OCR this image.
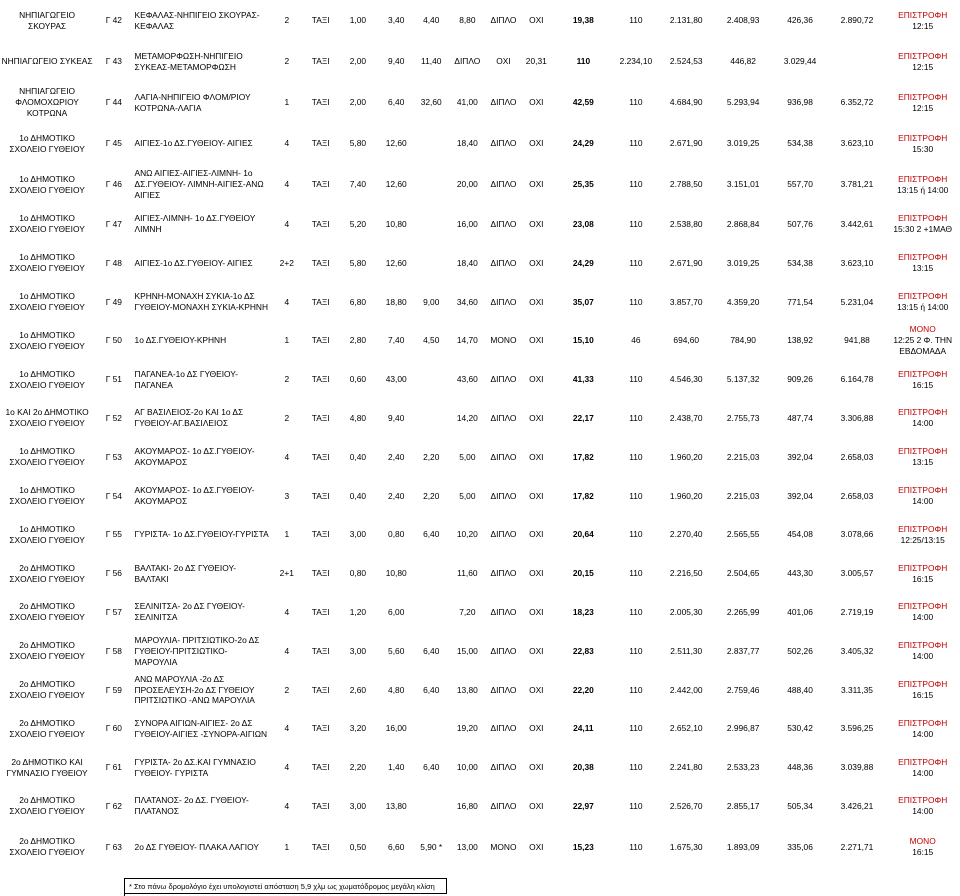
ΝΗΠΙΑΓΩΓΕΙΟ ΣΚΟΥΡΑΣ	Γ 42	ΚΕΦΑΛΑΣ-ΝΗΠΙΓΕΙΟ ΣΚΟΥΡΑΣ-ΚΕΦΑΛΑΣ	2	ΤΑΞΙ	1,00	3,40	4,40	8,80	ΔΙΠΛΟ	ΟΧΙ	19,38	110	2.131,80	2.408,93	426,36	2.890,72	ΕΠΙΣΤΡΟΦΗ
12:15
ΝΗΠΙΑΓΩΓΕΙΟ ΣΥΚΕΑΣ	Γ 43	ΜΕΤΑΜΟΡΦΩΣΗ-ΝΗΠΙΓΕΙΟ ΣΥΚΕΑΣ-ΜΕΤΑΜΟΡΦΩΣΗ	2	ΤΑΞΙ	2,00	9,40	11,40	ΔΙΠΛΟ	ΟΧΙ	20,31	110	2.234,10	2.524,53	446,82	3.029,44		ΕΠΙΣΤΡΟΦΗ
12:15
ΝΗΠΙΑΓΩΓΕΙΟ ΦΛΟΜΟΧΩΡΙΟΥ ΚΟΤΡΩΝΑ	Γ 44	ΛΑΓΙΑ-ΝΗΠΙΓΕΙΟ ΦΛΟΜ/ΡΙΟΥ ΚΟΤΡΩΝΑ-ΛΑΓΙΑ	1	ΤΑΞΙ	2,00	6,40	32,60	41,00	ΔΙΠΛΟ	ΟΧΙ	42,59	110	4.684,90	5.293,94	936,98	6.352,72	ΕΠΙΣΤΡΟΦΗ
12:15
1ο ΔΗΜΟΤΙΚΟ ΣΧΟΛΕΙΟ ΓΥΘΕΙΟΥ	Γ 45	ΑΙΓΙΕΣ-1ο ΔΣ.ΓΥΘΕΙΟΥ- ΑΙΓΙΕΣ	4	ΤΑΞΙ	5,80	12,60		18,40	ΔΙΠΛΟ	ΟΧΙ	24,29	110	2.671,90	3.019,25	534,38	3.623,10	ΕΠΙΣΤΡΟΦΗ
15:30
1ο ΔΗΜΟΤΙΚΟ ΣΧΟΛΕΙΟ ΓΥΘΕΙΟΥ	Γ 46	ΑΝΩ ΑΙΓΙΕΣ-ΑΙΓΙΕΣ-ΛΙΜΝΗ- 1ο ΔΣ.ΓΥΘΕΙΟΥ- ΛΙΜΝΗ-ΑΙΓΙΕΣ-ΑΝΩ ΑΙΓΙΕΣ	4	ΤΑΞΙ	7,40	12,60		20,00	ΔΙΠΛΟ	ΟΧΙ	25,35	110	2.788,50	3.151,01	557,70	3.781,21	ΕΠΙΣΤΡΟΦΗ
13:15 ή 14:00
1ο ΔΗΜΟΤΙΚΟ ΣΧΟΛΕΙΟ ΓΥΘΕΙΟΥ	Γ 47	ΑΙΓΙΕΣ-ΛΙΜΝΗ- 1ο ΔΣ.ΓΥΘΕΙΟΥ ΛΙΜΝΗ	4	ΤΑΞΙ	5,20	10,80		16,00	ΔΙΠΛΟ	ΟΧΙ	23,08	110	2.538,80	2.868,84	507,76	3.442,61	ΕΠΙΣΤΡΟΦΗ
15:30 2 +1ΜΑΘ
1ο ΔΗΜΟΤΙΚΟ ΣΧΟΛΕΙΟ ΓΥΘΕΙΟΥ	Γ 48	ΑΙΓΙΕΣ-1ο ΔΣ.ΓΥΘΕΙΟΥ- ΑΙΓΙΕΣ	2+2	ΤΑΞΙ	5,80	12,60		18,40	ΔΙΠΛΟ	ΟΧΙ	24,29	110	2.671,90	3.019,25	534,38	3.623,10	ΕΠΙΣΤΡΟΦΗ
13:15
1ο ΔΗΜΟΤΙΚΟ ΣΧΟΛΕΙΟ ΓΥΘΕΙΟΥ	Γ 49	ΚΡΗΝΗ-ΜΟΝΑΧΗ ΣΥΚΙΑ-1ο ΔΣ ΓΥΘΕΙΟΥ-ΜΟΝΑΧΗ ΣΥΚΙΑ-ΚΡΗΝΗ	4	ΤΑΞΙ	6,80	18,80	9,00	34,60	ΔΙΠΛΟ	ΟΧΙ	35,07	110	3.857,70	4.359,20	771,54	5.231,04	ΕΠΙΣΤΡΟΦΗ
13:15 ή 14:00
1ο ΔΗΜΟΤΙΚΟ ΣΧΟΛΕΙΟ ΓΥΘΕΙΟΥ	Γ 50	1ο ΔΣ.ΓΥΘΕΙΟΥ-ΚΡΗΝΗ	1	ΤΑΞΙ	2,80	7,40	4,50	14,70	ΜΟΝΟ	ΟΧΙ	15,10	46	694,60	784,90	138,92	941,88	ΜΟΝΟ
12:25 2 Φ. ΤΗΝ ΕΒΔΟΜΑΔΑ
1ο ΔΗΜΟΤΙΚΟ ΣΧΟΛΕΙΟ ΓΥΘΕΙΟΥ	Γ 51	ΠΑΓΑΝΕΑ-1ο ΔΣ ΓΥΘΕΙΟΥ-ΠΑΓΑΝΕΑ	2	ΤΑΞΙ	0,60	43,00		43,60	ΔΙΠΛΟ	ΟΧΙ	41,33	110	4.546,30	5.137,32	909,26	6.164,78	ΕΠΙΣΤΡΟΦΗ
16:15
1ο ΚΑΙ 2ο ΔΗΜΟΤΙΚΟ ΣΧΟΛΕΙΟ ΓΥΘΕΙΟΥ	Γ 52	ΑΓ ΒΑΣΙΛΕΙΟΣ-2ο ΚΑΙ 1ο ΔΣ ΓΥΘΕΙΟΥ-ΑΓ.ΒΑΣΙΛΕΙΟΣ	2	ΤΑΞΙ	4,80	9,40		14,20	ΔΙΠΛΟ	ΟΧΙ	22,17	110	2.438,70	2.755,73	487,74	3.306,88	ΕΠΙΣΤΡΟΦΗ
14:00
1ο ΔΗΜΟΤΙΚΟ ΣΧΟΛΕΙΟ ΓΥΘΕΙΟΥ	Γ 53	ΑΚΟΥΜΑΡΟΣ- 1ο ΔΣ.ΓΥΘΕΙΟΥ-ΑΚΟΥΜΑΡΟΣ	4	ΤΑΞΙ	0,40	2,40	2,20	5,00	ΔΙΠΛΟ	ΟΧΙ	17,82	110	1.960,20	2.215,03	392,04	2.658,03	ΕΠΙΣΤΡΟΦΗ
13:15
1ο ΔΗΜΟΤΙΚΟ ΣΧΟΛΕΙΟ ΓΥΘΕΙΟΥ	Γ 54	ΑΚΟΥΜΑΡΟΣ- 1ο ΔΣ.ΓΥΘΕΙΟΥ-ΑΚΟΥΜΑΡΟΣ	3	ΤΑΞΙ	0,40	2,40	2,20	5,00	ΔΙΠΛΟ	ΟΧΙ	17,82	110	1.960,20	2.215,03	392,04	2.658,03	ΕΠΙΣΤΡΟΦΗ
14:00
1ο ΔΗΜΟΤΙΚΟ ΣΧΟΛΕΙΟ ΓΥΘΕΙΟΥ	Γ 55	ΓΥΡΙΣΤΑ- 1ο ΔΣ.ΓΥΘΕΙΟΥ-ΓΥΡΙΣΤΑ	1	ΤΑΞΙ	3,00	0,80	6,40	10,20	ΔΙΠΛΟ	ΟΧΙ	20,64	110	2.270,40	2.565,55	454,08	3.078,66	ΕΠΙΣΤΡΟΦΗ
12:25/13:15
2ο ΔΗΜΟΤΙΚΟ ΣΧΟΛΕΙΟ ΓΥΘΕΙΟΥ	Γ 56	ΒΑΛΤΑΚΙ- 2ο ΔΣ ΓΥΘΕΙΟΥ-ΒΑΛΤΑΚΙ	2+1	ΤΑΞΙ	0,80	10,80		11,60	ΔΙΠΛΟ	ΟΧΙ	20,15	110	2.216,50	2.504,65	443,30	3.005,57	ΕΠΙΣΤΡΟΦΗ
16:15
2ο ΔΗΜΟΤΙΚΟ ΣΧΟΛΕΙΟ ΓΥΘΕΙΟΥ	Γ 57	ΣΕΛΙΝΙΤΣΑ- 2ο ΔΣ ΓΥΘΕΙΟΥ-ΣΕΛΙΝΙΤΣΑ	4	ΤΑΞΙ	1,20	6,00		7,20	ΔΙΠΛΟ	ΟΧΙ	18,23	110	2.005,30	2.265,99	401,06	2.719,19	ΕΠΙΣΤΡΟΦΗ
14:00
2ο ΔΗΜΟΤΙΚΟ ΣΧΟΛΕΙΟ ΓΥΘΕΙΟΥ	Γ 58	ΜΑΡΟΥΛΙΑ- ΠΡΙΤΣΙΩΤΙΚΟ-2ο ΔΣ ΓΥΘΕΙΟΥ-ΠΡΙΤΣΙΩΤΙΚΟ-ΜΑΡΟΥΛΙΑ	4	ΤΑΞΙ	3,00	5,60	6,40	15,00	ΔΙΠΛΟ	ΟΧΙ	22,83	110	2.511,30	2.837,77	502,26	3.405,32	ΕΠΙΣΤΡΟΦΗ
14:00
2ο ΔΗΜΟΤΙΚΟ ΣΧΟΛΕΙΟ ΓΥΘΕΙΟΥ	Γ 59	ΑΝΩ ΜΑΡΟΥΛΙΑ -2ο ΔΣ ΠΡΟΣΕΛΕΥΣΗ-2ο ΔΣ ΓΥΘΕΙΟΥ ΠΡΙΤΣΙΩΤΙΚΟ -ΑΝΩ ΜΑΡΟΥΛΙΑ	2	ΤΑΞΙ	2,60	4,80	6,40	13,80	ΔΙΠΛΟ	ΟΧΙ	22,20	110	2.442,00	2.759,46	488,40	3.311,35	ΕΠΙΣΤΡΟΦΗ
16:15
2ο ΔΗΜΟΤΙΚΟ ΣΧΟΛΕΙΟ ΓΥΘΕΙΟΥ	Γ 60	ΣΥΝΟΡΑ ΑΙΓΙΩΝ-ΑΙΓΙΕΣ- 2ο ΔΣ ΓΥΘΕΙΟΥ-ΑΙΓΙΕΣ -ΣΥΝΟΡΑ-ΑΙΓΙΩΝ	4	ΤΑΞΙ	3,20	16,00		19,20	ΔΙΠΛΟ	ΟΧΙ	24,11	110	2.652,10	2.996,87	530,42	3.596,25	ΕΠΙΣΤΡΟΦΗ
14:00
2ο ΔΗΜΟΤΙΚΟ ΚΑΙ ΓΥΜΝΑΣΙΟ ΓΥΘΕΙΟΥ	Γ 61	ΓΥΡΙΣΤΑ- 2ο ΔΣ.ΚΑΙ ΓΥΜΝΑΣΙΟ ΓΥΘΕΙΟΥ- ΓΥΡΙΣΤΑ	4	ΤΑΞΙ	2,20	1,40	6,40	10,00	ΔΙΠΛΟ	ΟΧΙ	20,38	110	2.241,80	2.533,23	448,36	3.039,88	ΕΠΙΣΤΡΟΦΗ
14:00
2ο ΔΗΜΟΤΙΚΟ ΣΧΟΛΕΙΟ ΓΥΘΕΙΟΥ	Γ 62	ΠΛΑΤΑΝΟΣ- 2ο ΔΣ. ΓΥΘΕΙΟΥ-ΠΛΑΤΑΝΟΣ	4	ΤΑΞΙ	3,00	13,80		16,80	ΔΙΠΛΟ	ΟΧΙ	22,97	110	2.526,70	2.855,17	505,34	3.426,21	ΕΠΙΣΤΡΟΦΗ
14:00
2ο ΔΗΜΟΤΙΚΟ ΣΧΟΛΕΙΟ ΓΥΘΕΙΟΥ	Γ 63	2ο ΔΣ ΓΥΘΕΙΟΥ- ΠΛΑΚΑ ΛΑΓΙΟΥ	1	ΤΑΞΙ	0,50	6,60	5,90 *	13,00	ΜΟΝΟ	ΟΧΙ	15,23	110	1.675,30	1.893,09	335,06	2.271,71	ΜΟΝΟ
16:15
* Στο πάνω δρομολόγιο έχει υπολογιστεί απόσταση 5,9 χλμ ως χωματόδρομος μεγάλη κλίση
